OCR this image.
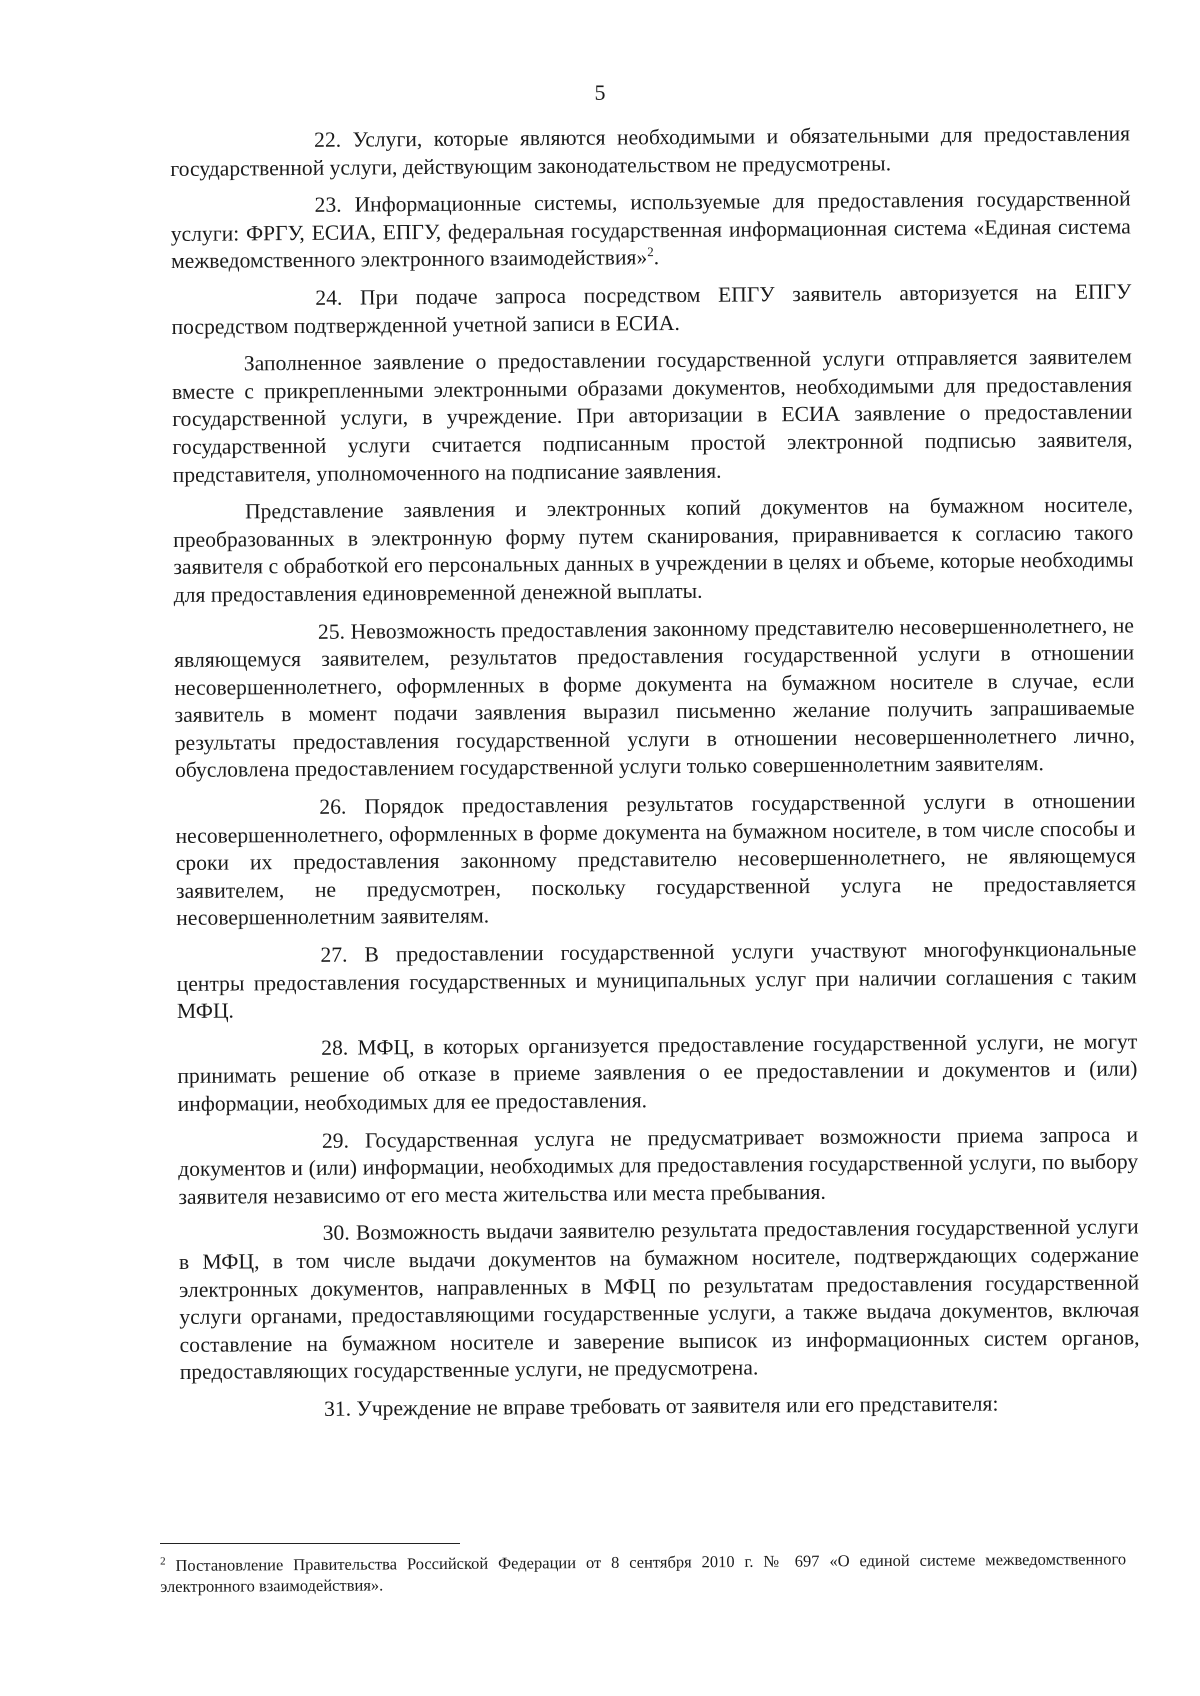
5

22. Услуги, которые являются необходимыми и обязательными для предоставления государственной услуги, действующим законодательством не предусмотрены.

23. Информационные системы, используемые для предоставления государственной услуги: ФРГУ, ЕСИА, ЕПГУ, федеральная государственная информационная система «Единая система межведомственного электронного взаимодействия»$^2$.

24. При подаче запроса посредством ЕПГУ заявитель авторизуется на ЕПГУ посредством подтвержденной учетной записи в ЕСИА.

Заполненное заявление о предоставлении государственной услуги отправляется заявителем вместе с прикрепленными электронными образами документов, необходимыми для предоставления государственной услуги, в учреждение. При авторизации в ЕСИА заявление о предоставлении государственной услуги считается подписанным простой электронной подписью заявителя, представителя, уполномоченного на подписание заявления.

Представление заявления и электронных копий документов на бумажном носителе, преобразованных в электронную форму путем сканирования, приравнивается к согласию такого заявителя с обработкой его персональных данных в учреждении в целях и объеме, которые необходимы для предоставления единовременной денежной выплаты.

25. Невозможность предоставления законному представителю несовершеннолетнего, не являющемуся заявителем, результатов предоставления государственной услуги в отношении несовершеннолетнего, оформленных в форме документа на бумажном носителе в случае, если заявитель в момент подачи заявления выразил письменно желание получить запрашиваемые результаты предоставления государственной услуги в отношении несовершеннолетнего лично, обусловлена предоставлением государственной услуги только совершеннолетним заявителям.

26. Порядок предоставления результатов государственной услуги в отношении несовершеннолетнего, оформленных в форме документа на бумажном носителе, в том числе способы и сроки их предоставления законному представителю несовершеннолетнего, не являющемуся заявителем, не предусмотрен, поскольку государственной услуга не предоставляется несовершеннолетним заявителям.

27. В предоставлении государственной услуги участвуют многофункциональные центры предоставления государственных и муниципальных услуг при наличии соглашения с таким МФЦ.

28. МФЦ, в которых организуется предоставление государственной услуги, не могут принимать решение об отказе в приеме заявления о ее предоставлении и документов и (или) информации, необходимых для ее предоставления.

29. Государственная услуга не предусматривает возможности приема запроса и документов и (или) информации, необходимых для предоставления государственной услуги, по выбору заявителя независимо от его места жительства или места пребывания.

30. Возможность выдачи заявителю результата предоставления государственной услуги в МФЦ, в том числе выдачи документов на бумажном носителе, подтверждающих содержание электронных документов, направленных в МФЦ по результатам предоставления государственной услуги органами, предоставляющими государственные услуги, а также выдача документов, включая составление на бумажном носителе и заверение выписок из информационных систем органов, предоставляющих государственные услуги, не предусмотрена.

31. Учреждение не вправе требовать от заявителя или его представителя:

$^2$ Постановление Правительства Российской Федерации от 8 сентября 2010 г. № 697 «О единой системе межведомственного электронного взаимодействия».
